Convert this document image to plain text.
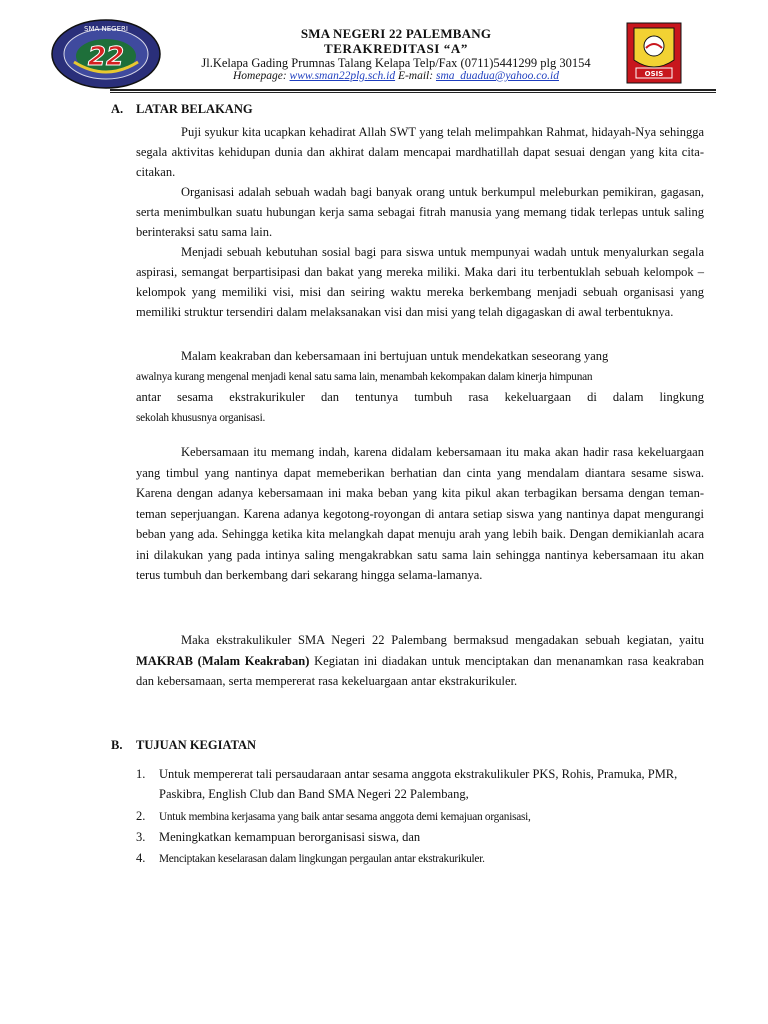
SMA NEGERI
22
SMA NEGERI 22 PALEMBANG
TERAKREDITASI “A”
Jl.Kelapa Gading Prumnas Talang Kelapa Telp/Fax (0711)5441299 plg 30154
Homepage: www.sman22plg.sch.id E-mail: sma_duadua@yahoo.co.id	OSIS
A. LATAR BELAKANG
Puji syukur kita ucapkan kehadirat Allah SWT yang telah melimpahkan Rahmat, hidayah-Nya sehingga segala aktivitas kehidupan dunia dan akhirat dalam mencapai mardhatillah dapat sesuai dengan yang kita cita-citakan.
Organisasi adalah sebuah wadah bagi banyak orang untuk berkumpul meleburkan pemikiran, gagasan, serta menimbulkan suatu hubungan kerja sama sebagai fitrah manusia yang memang tidak terlepas untuk saling berinteraksi satu sama lain.
Menjadi sebuah kebutuhan sosial bagi para siswa untuk mempunyai wadah untuk menyalurkan segala aspirasi, semangat berpartisipasi dan bakat yang mereka miliki. Maka dari itu terbentuklah sebuah kelompok – kelompok yang memiliki visi, misi dan seiring waktu mereka berkembang menjadi sebuah organisasi yang memiliki struktur tersendiri dalam melaksanakan visi dan misi yang telah digagaskan di awal terbentuknya.
Malam keakraban dan kebersamaan ini bertujuan untuk mendekatkan seseorang yang
awalnya kurang mengenal menjadi kenal satu sama lain, menambah kekompakan dalam kinerja himpunan
antar sesama ekstrakurikuler dan tentunya tumbuh rasa kekeluargaan di dalam lingkung
sekolah khususnya organisasi.
Kebersamaan itu memang indah, karena didalam kebersamaan itu maka akan hadir rasa kekeluargaan yang timbul yang nantinya dapat memeberikan berhatian dan cinta yang mendalam diantara sesame siswa. Karena dengan adanya kebersamaan ini maka beban yang kita pikul akan terbagikan bersama dengan teman-teman seperjuangan. Karena adanya kegotong-royongan di antara setiap siswa yang nantinya dapat mengurangi beban yang ada. Sehingga ketika kita melangkah dapat menuju arah yang lebih baik. Dengan demikianlah acara ini dilakukan yang pada intinya saling mengakrabkan satu sama lain sehingga nantinya kebersamaan itu akan terus tumbuh dan berkembang dari sekarang hingga selama-lamanya.
Maka ekstrakulikuler SMA Negeri 22 Palembang bermaksud mengadakan sebuah kegiatan, yaitu MAKRAB (Malam Keakraban) Kegiatan ini diadakan untuk menciptakan dan menanamkan rasa keakraban dan kebersamaan, serta mempererat rasa kekeluargaan antar ekstrakurikuler.
B. TUJUAN KEGIATAN
1. Untuk mempererat tali persaudaraan antar sesama anggota ekstrakulikuler PKS, Rohis, Pramuka, PMR, Paskibra, English Club dan Band SMA Negeri 22 Palembang,
2. Untuk membina kerjasama yang baik antar sesama anggota demi kemajuan organisasi,
3. Meningkatkan kemampuan berorganisasi siswa, dan
4. Menciptakan keselarasan dalam lingkungan pergaulan antar ekstrakurikuler.
